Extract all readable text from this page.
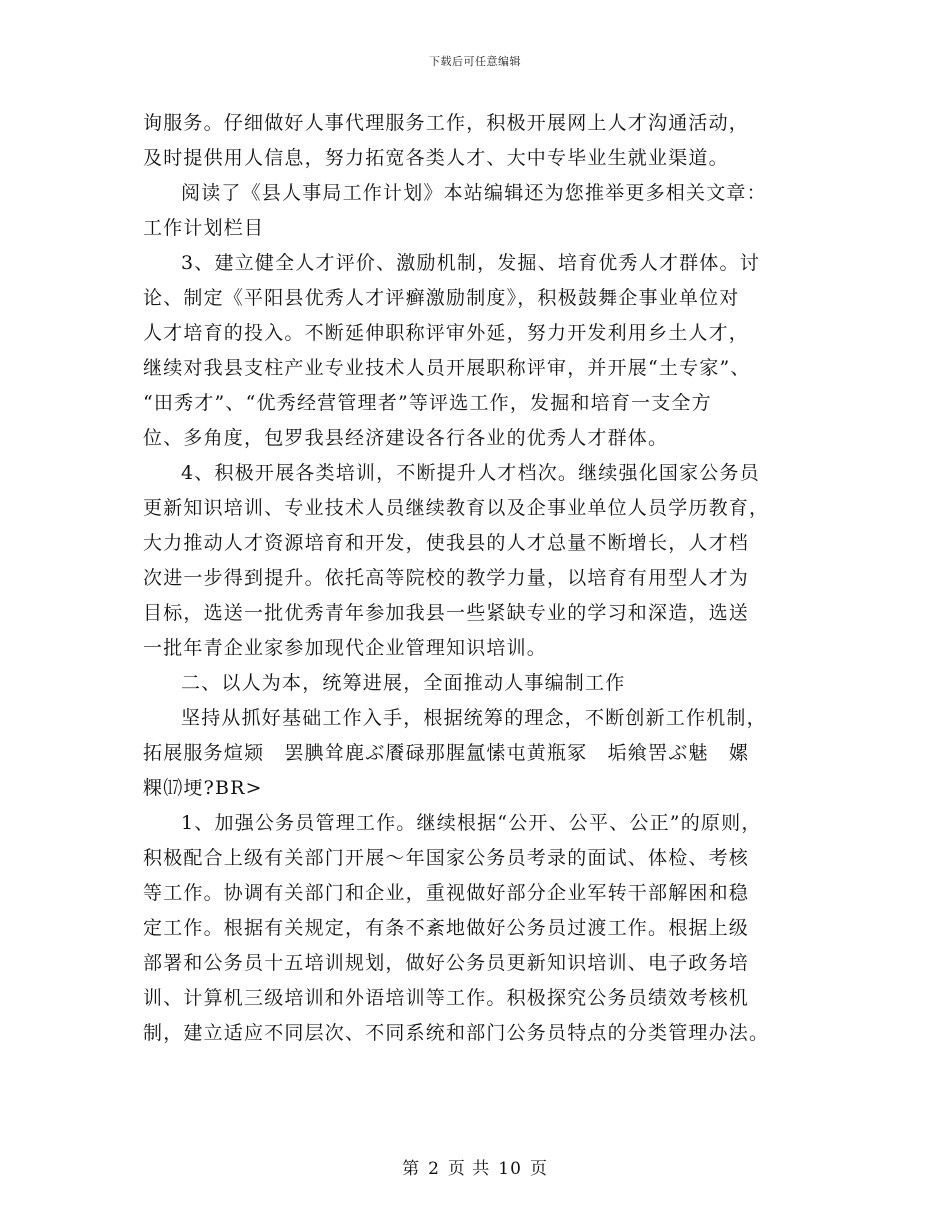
下载后可任意编辑
询服务。仔细做好人事代理服务工作，积极开展网上人才沟通活动，
及时提供用人信息，努力拓宽各类人才、大中专毕业生就业渠道。
阅读了《县人事局工作计划》本站编辑还为您推举更多相关文章：
工作计划栏目
3、建立健全人才评价、激励机制，发掘、培育优秀人才群体。讨
论、制定《平阳县优秀人才评癣激励制度》，积极鼓舞企事业单位对
人才培育的投入。不断延伸职称评审外延，努力开发利用乡土人才，
继续对我县支柱产业专业技术人员开展职称评审，并开展“土专家”、
“田秀才”、“优秀经营管理者”等评选工作，发掘和培育一支全方
位、多角度，包罗我县经济建设各行各业的优秀人才群体。
4、积极开展各类培训，不断提升人才档次。继续强化国家公务员
更新知识培训、专业技术人员继续教育以及企事业单位人员学历教育，
大力推动人才资源培育和开发，使我县的人才总量不断增长，人才档
次进一步得到提升。依托高等院校的教学力量，以培育有用型人才为
目标，选送一批优秀青年参加我县一些紧缺专业的学习和深造，选送
一批年青企业家参加现代企业管理知识培训。
二、以人为本，统筹进展，全面推动人事编制工作
坚持从抓好基础工作入手，根据统筹的理念，不断创新工作机制，
拓展服务煊颎　罢腆耸鹿ぶ餍碌那腥氲愫屯黄瓶冢　垢飨罟ぶ魅　嫘
粿⒄埂?BR>
1、加强公务员管理工作。继续根据“公开、公平、公正”的原则，
积极配合上级有关部门开展～年国家公务员考录的面试、体检、考核
等工作。协调有关部门和企业，重视做好部分企业军转干部解困和稳
定工作。根据有关规定，有条不紊地做好公务员过渡工作。根据上级
部署和公务员十五培训规划，做好公务员更新知识培训、电子政务培
训、计算机三级培训和外语培训等工作。积极探究公务员绩效考核机
制，建立适应不同层次、不同系统和部门公务员特点的分类管理办法。
第 2 页 共 10 页
